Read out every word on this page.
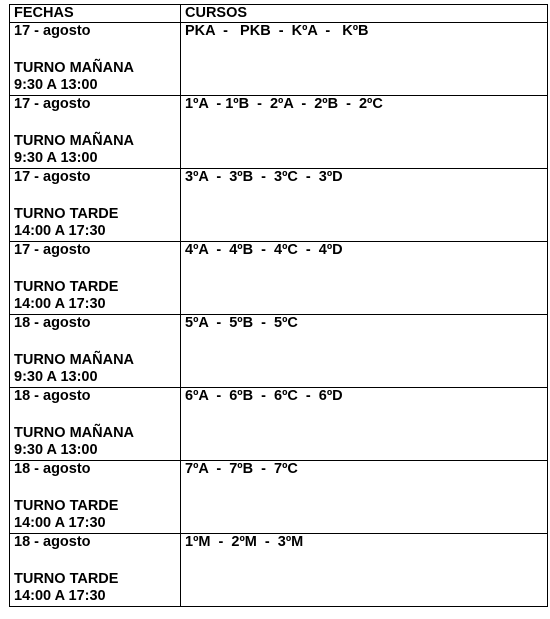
FECHAS	CURSOS

17 - agosto
TURNO MAÑANA
9:30 A 13:00	PKA  -   PKB  -  KºA  -   KºB

17 - agosto
TURNO MAÑANA
9:30 A 13:00	1ºA  - 1ºB  -  2ºA  -  2ºB  -  2ºC

17 - agosto
TURNO TARDE
14:00 A 17:30	3ºA  -  3ºB  -  3ºC  -  3ºD

17 - agosto
TURNO TARDE
14:00 A 17:30	4ºA  -  4ºB  -  4ºC  -  4ºD

18 - agosto
TURNO MAÑANA
9:30 A 13:00	5ºA  -  5ºB  -  5ºC

18 - agosto
TURNO MAÑANA
9:30 A 13:00	6ºA  -  6ºB  -  6ºC  -  6ºD

18 - agosto
TURNO TARDE
14:00 A 17:30	7ºA  -  7ºB  -  7ºC

18 - agosto
TURNO TARDE
14:00 A 17:30	1ºM  -  2ºM  -  3ºM
